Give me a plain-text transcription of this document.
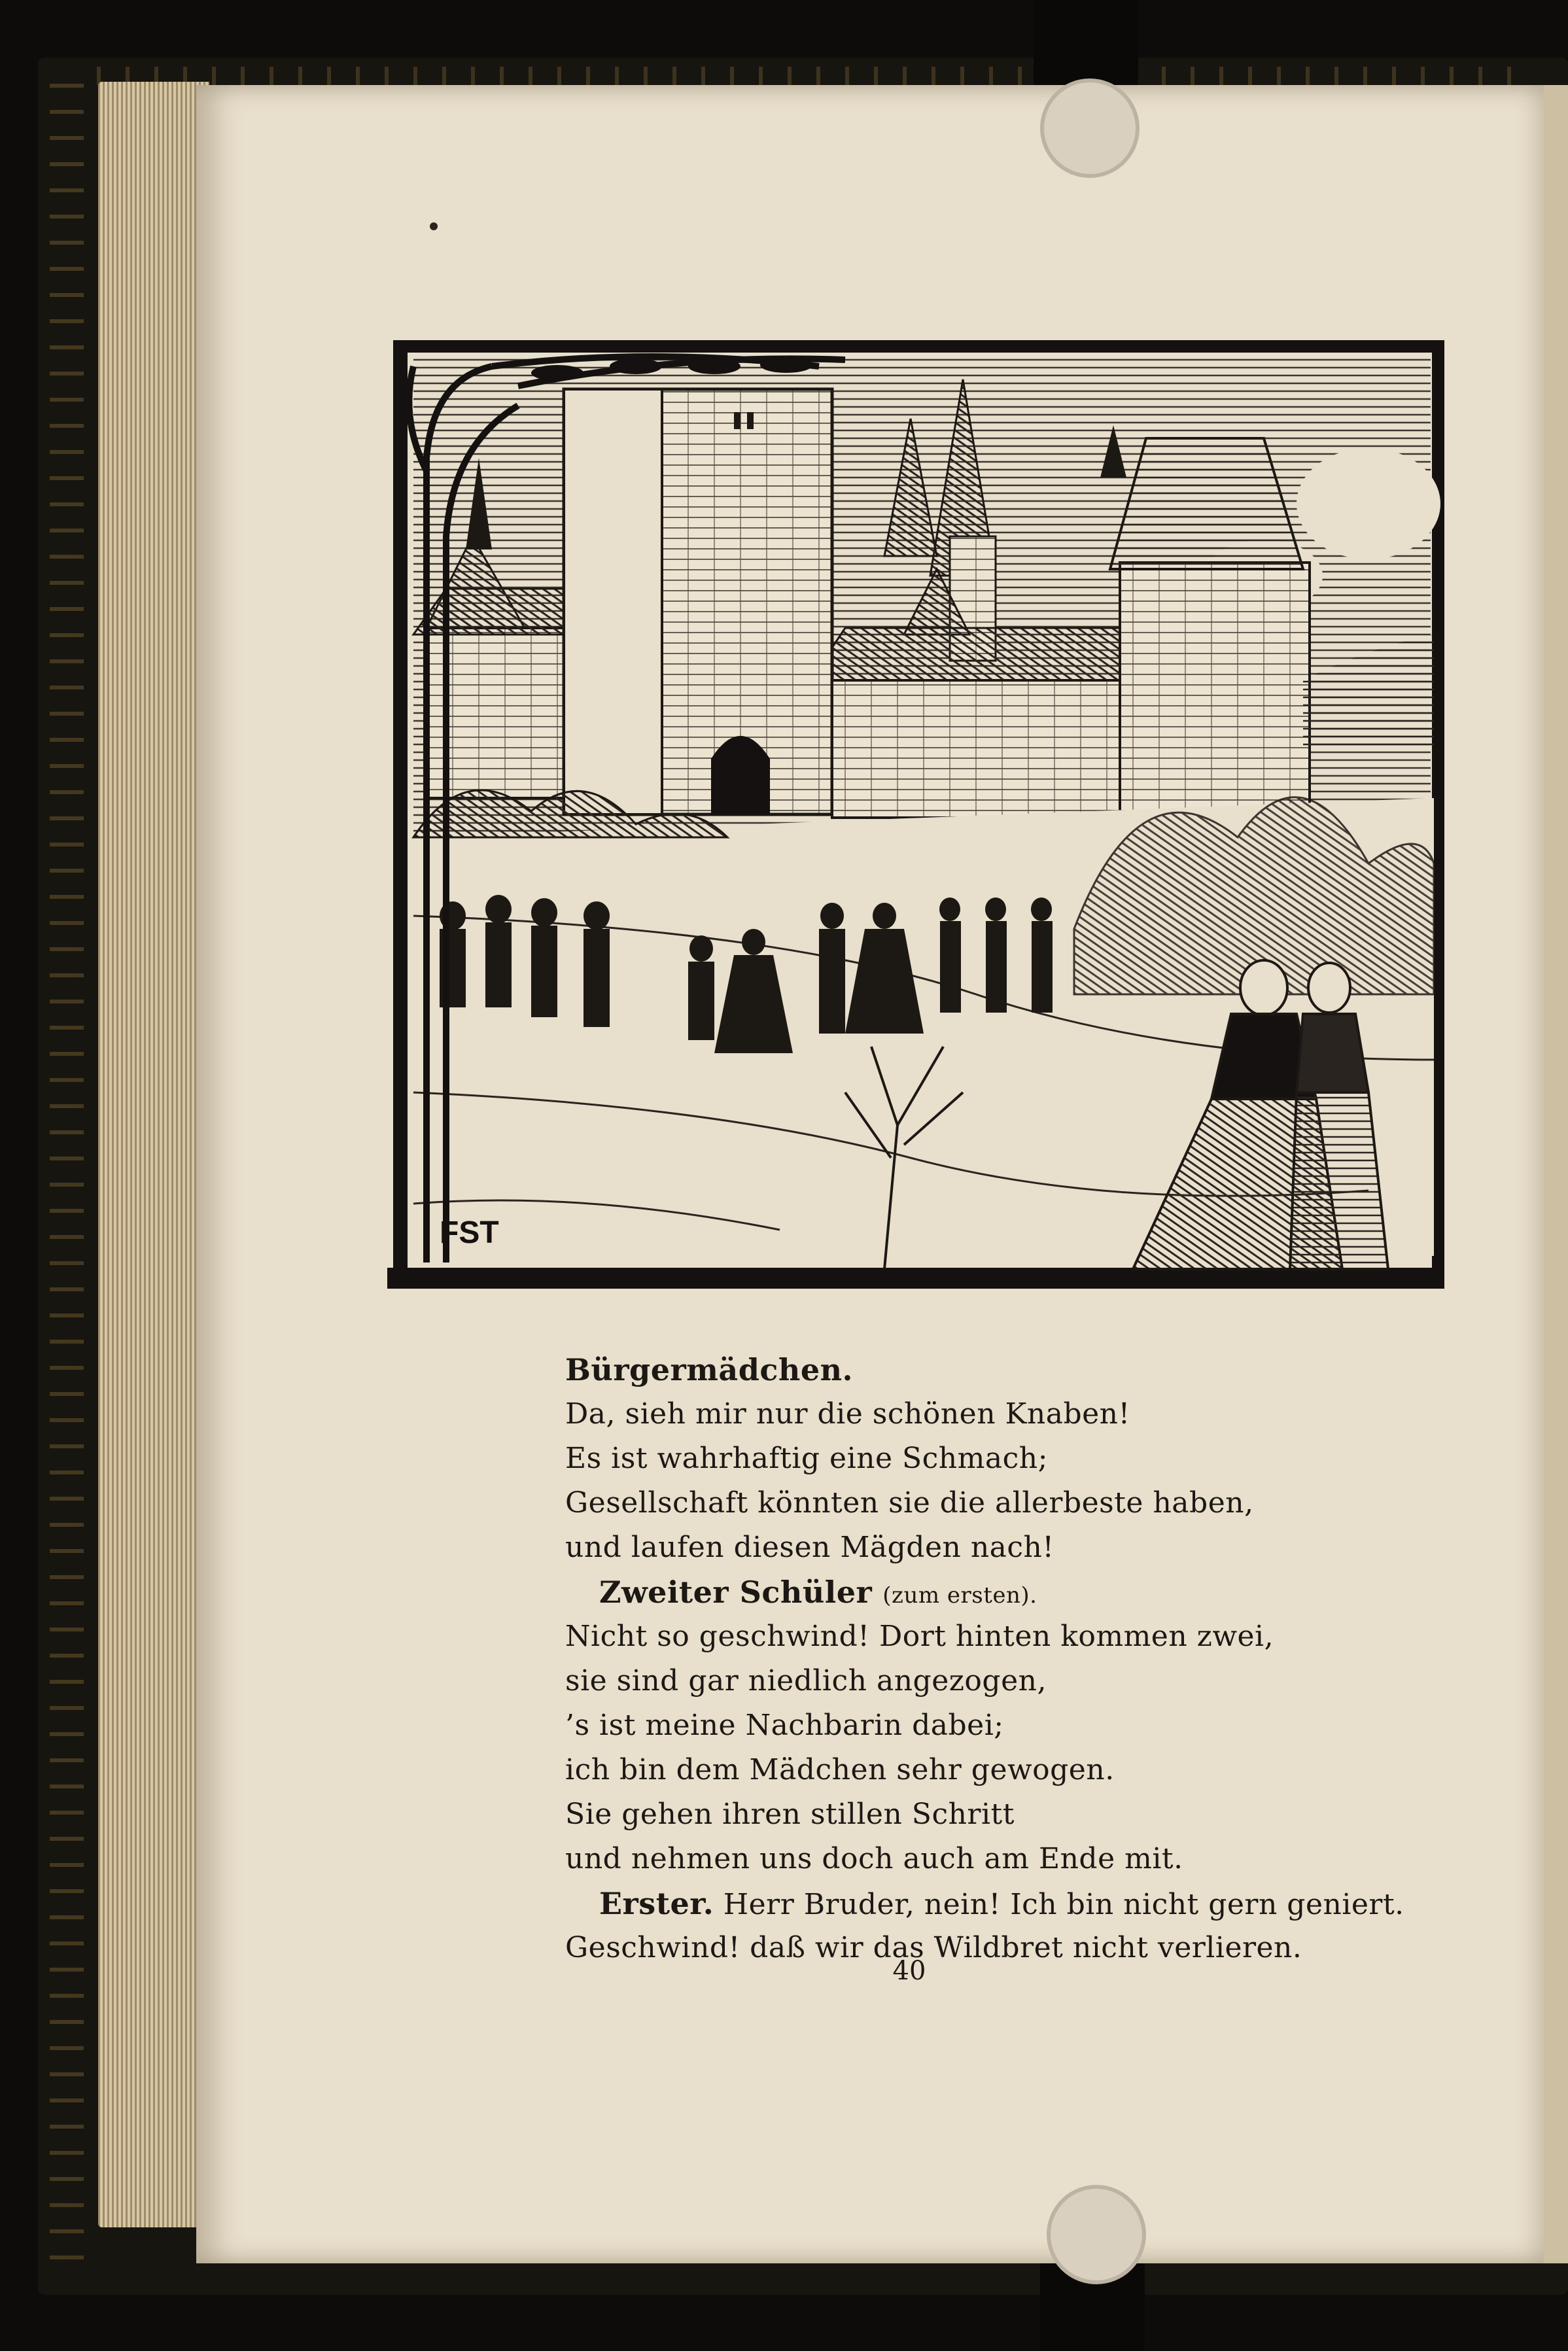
FST
Bürgermädchen.
Da, sieh mir nur die schönen Knaben!
Es ist wahrhaftig eine Schmach;
Gesellschaft könnten sie die allerbeste haben,
und laufen diesen Mägden nach!
Zweiter Schüler (zum ersten).
Nicht so geschwind! Dort hinten kommen zwei,
sie sind gar niedlich angezogen,
’s ist meine Nachbarin dabei;
ich bin dem Mädchen sehr gewogen.
Sie gehen ihren stillen Schritt
und nehmen uns doch auch am Ende mit.
Erster. Herr Bruder, nein! Ich bin nicht gern geniert.
Geschwind! daß wir das Wildbret nicht verlieren.
40
